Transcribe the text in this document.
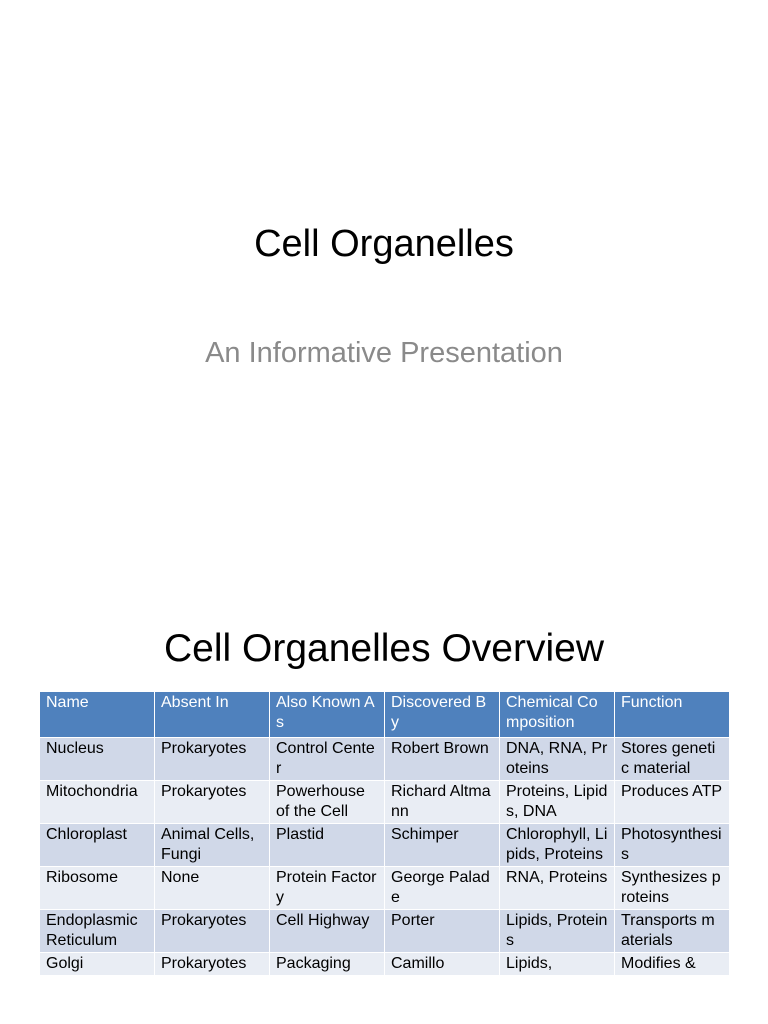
Cell Organelles
An Informative Presentation
Cell Organelles Overview
Name	Absent In	Also Known As	Discovered By	Chemical Composition	Function
Nucleus	Prokaryotes	Control Center	Robert Brown	DNA, RNA, Proteins	Stores genetic material
Mitochondria	Prokaryotes	Powerhouse of the Cell	Richard Altmann	Proteins, Lipids, DNA	Produces ATP
Chloroplast	Animal Cells, Fungi	Plastid	Schimper	Chlorophyll, Lipids, Proteins	Photosynthesis
Ribosome	None	Protein Factory	George Palade	RNA, Proteins	Synthesizes proteins
Endoplasmic Reticulum	Prokaryotes	Cell Highway	Porter	Lipids, Proteins	Transports materials
Golgi	Prokaryotes	Packaging	Camillo	Lipids,	Modifies &
